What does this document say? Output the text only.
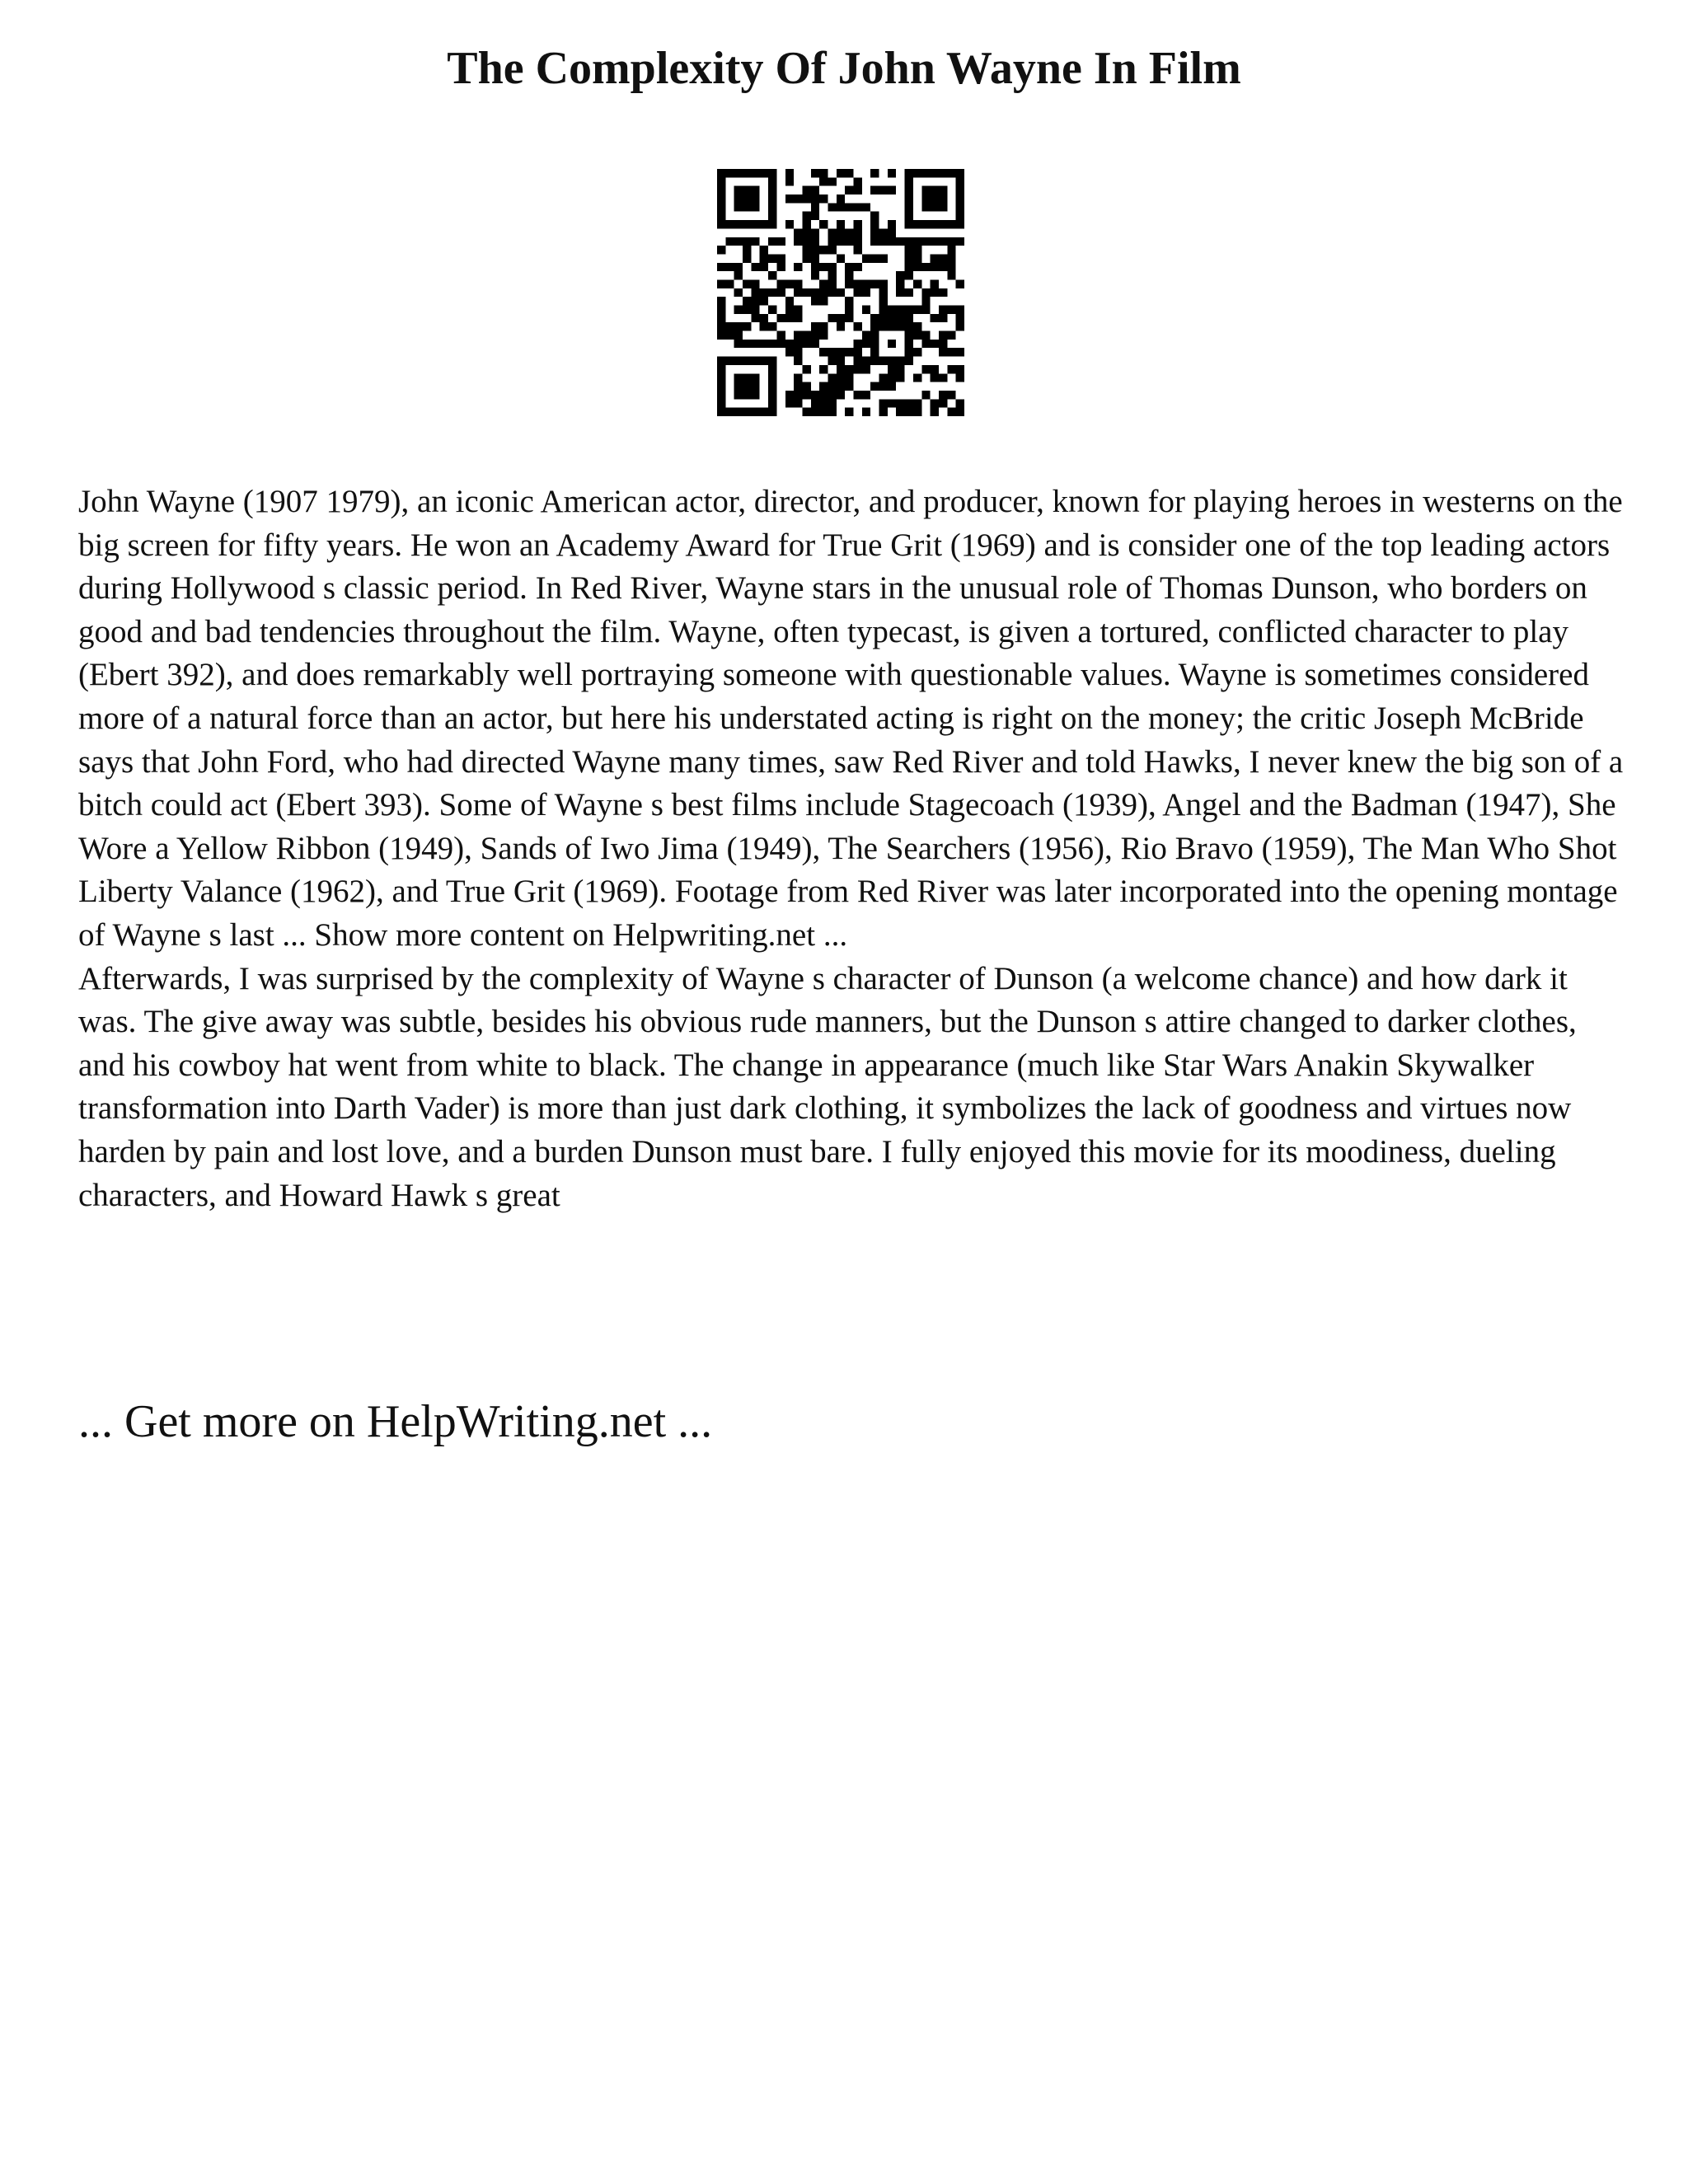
The Complexity Of John Wayne In Film

John Wayne (1907 1979), an iconic American actor, director, and producer, known for playing heroes in westerns on the big screen for fifty years. He won an Academy Award for True Grit (1969) and is consider one of the top leading actors during Hollywood s classic period. In Red River, Wayne stars in the unusual role of Thomas Dunson, who borders on good and bad tendencies throughout the film. Wayne, often typecast, is given a tortured, conflicted character to play (Ebert 392), and does remarkably well portraying someone with questionable values. Wayne is sometimes considered more of a natural force than an actor, but here his understated acting is right on the money; the critic Joseph McBride says that John Ford, who had directed Wayne many times, saw Red River and told Hawks, I never knew the big son of a bitch could act (Ebert 393). Some of Wayne s best films include Stagecoach (1939), Angel and the Badman (1947), She Wore a Yellow Ribbon (1949), Sands of Iwo Jima (1949), The Searchers (1956), Rio Bravo (1959), The Man Who Shot Liberty Valance (1962), and True Grit (1969). Footage from Red River was later incorporated into the opening montage of Wayne s last ... Show more content on Helpwriting.net ...

Afterwards, I was surprised by the complexity of Wayne s character of Dunson (a welcome chance) and how dark it was. The give away was subtle, besides his obvious rude manners, but the Dunson s attire changed to darker clothes, and his cowboy hat went from white to black. The change in appearance (much like Star Wars Anakin Skywalker transformation into Darth Vader) is more than just dark clothing, it symbolizes the lack of goodness and virtues now harden by pain and lost love, and a burden Dunson must bare. I fully enjoyed this movie for its moodiness, dueling characters, and Howard Hawk s great

... Get more on HelpWriting.net ...
